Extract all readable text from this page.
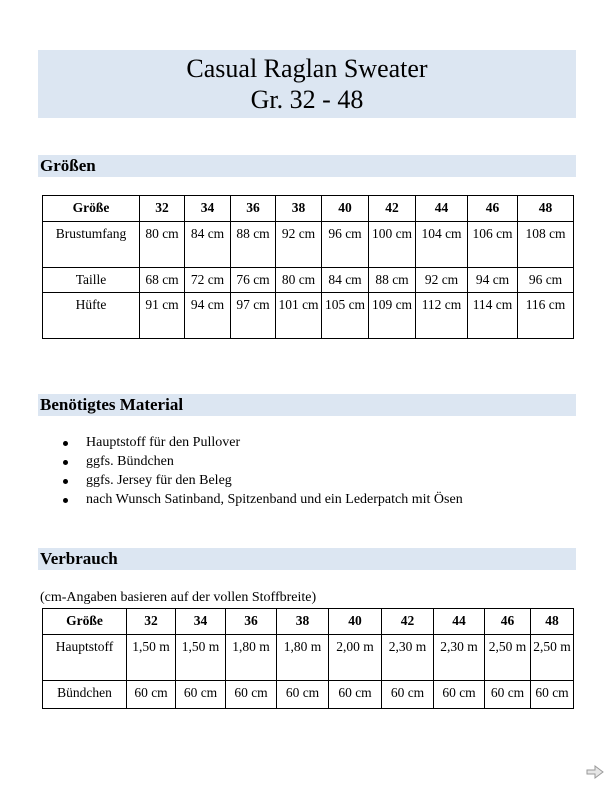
Casual Raglan Sweater
Gr. 32 - 48
Größen
Größe	32	34	36	38	40	42	44	46	48
Brustumfang	80 cm	84 cm	88 cm	92 cm	96 cm	100 cm	104 cm	106 cm	108 cm
Taille	68 cm	72 cm	76 cm	80 cm	84 cm	88 cm	92 cm	94 cm	96 cm
Hüfte	91 cm	94 cm	97 cm	101 cm	105 cm	109 cm	112 cm	114 cm	116 cm
Benötigtes Material
Hauptstoff für den Pullover
ggfs. Bündchen
ggfs. Jersey für den Beleg
nach Wunsch Satinband, Spitzenband und ein Lederpatch mit Ösen
Verbrauch
(cm-Angaben basieren auf der vollen Stoffbreite)
Größe	32	34	36	38	40	42	44	46	48
Hauptstoff	1,50 m	1,50 m	1,80 m	1,80 m	2,00 m	2,30 m	2,30 m	2,50 m	2,50 m
Bündchen	60 cm	60 cm	60 cm	60 cm	60 cm	60 cm	60 cm	60 cm	60 cm
